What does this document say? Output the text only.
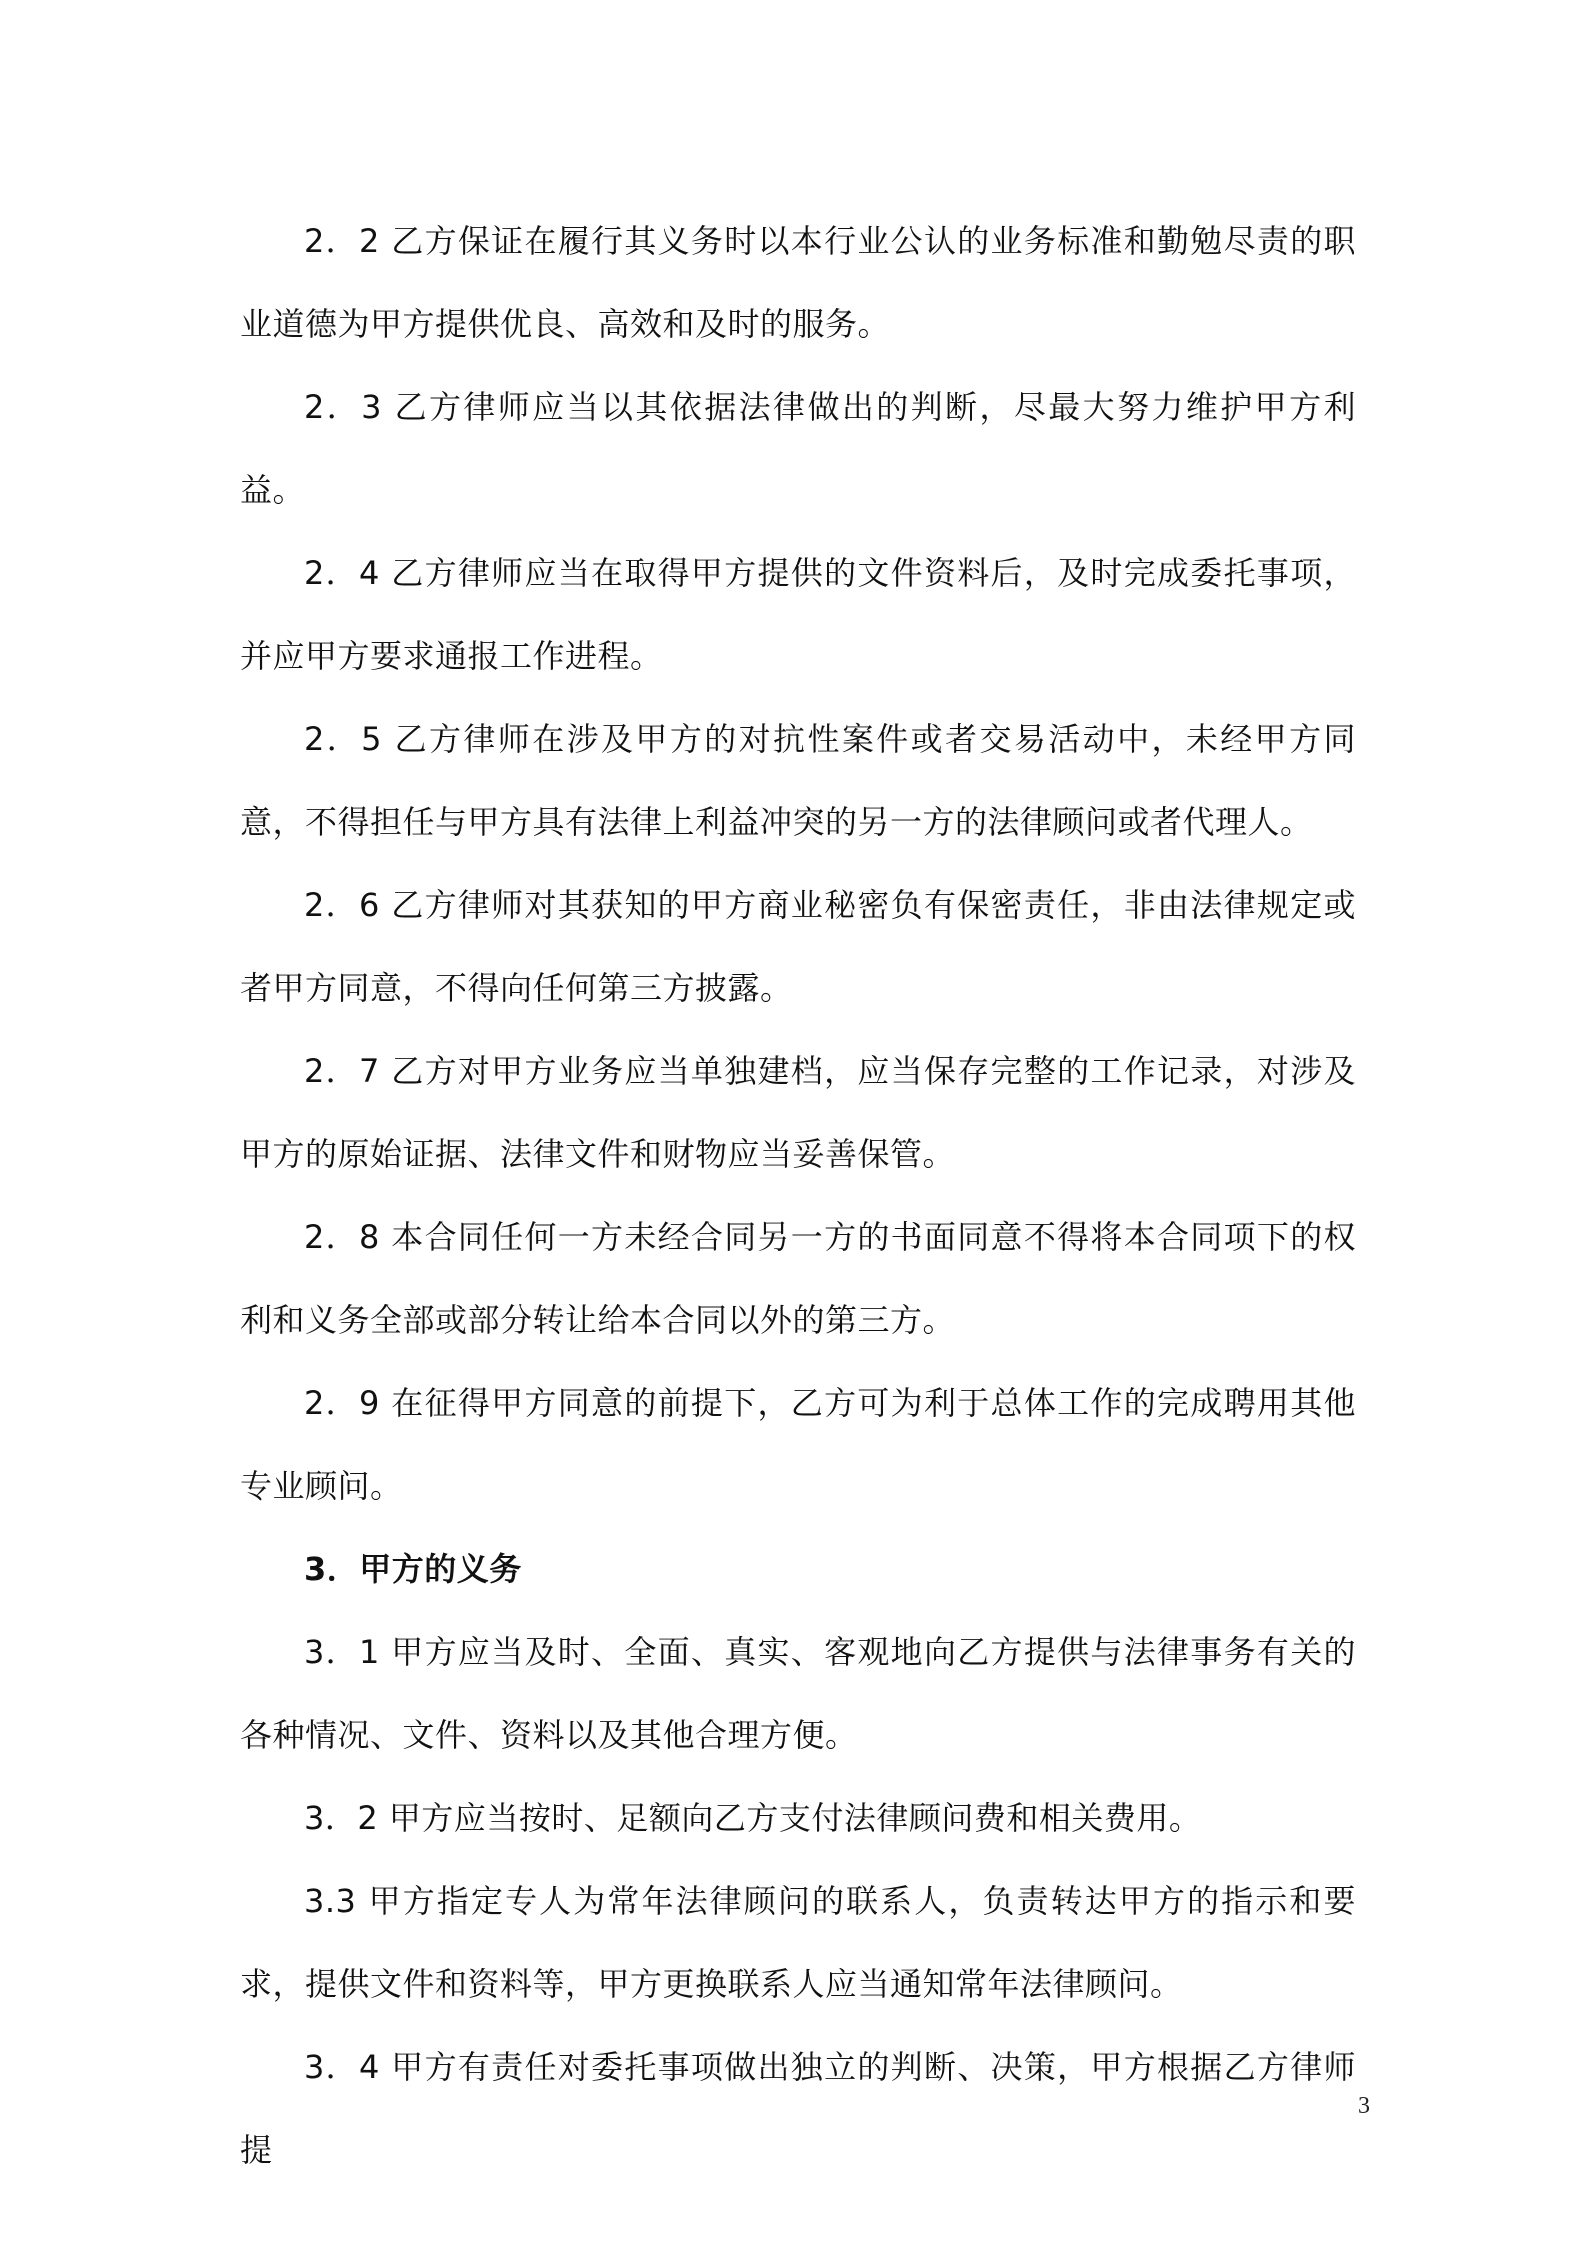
2．2 乙方保证在履行其义务时以本行业公认的业务标准和勤勉尽责的职业道德为甲方提供优良、高效和及时的服务。

2．3 乙方律师应当以其依据法律做出的判断，尽最大努力维护甲方利益。

2．4 乙方律师应当在取得甲方提供的文件资料后，及时完成委托事项，并应甲方要求通报工作进程。

2．5 乙方律师在涉及甲方的对抗性案件或者交易活动中，未经甲方同意，不得担任与甲方具有法律上利益冲突的另一方的法律顾问或者代理人。

2．6 乙方律师对其获知的甲方商业秘密负有保密责任，非由法律规定或者甲方同意，不得向任何第三方披露。

2．7 乙方对甲方业务应当单独建档，应当保存完整的工作记录，对涉及甲方的原始证据、法律文件和财物应当妥善保管。

2．8 本合同任何一方未经合同另一方的书面同意不得将本合同项下的权利和义务全部或部分转让给本合同以外的第三方。

2．9 在征得甲方同意的前提下，乙方可为利于总体工作的完成聘用其他专业顾问。

3．甲方的义务

3．1 甲方应当及时、全面、真实、客观地向乙方提供与法律事务有关的各种情况、文件、资料以及其他合理方便。

3．2 甲方应当按时、足额向乙方支付法律顾问费和相关费用。

3.3 甲方指定专人为常年法律顾问的联系人，负责转达甲方的指示和要求，提供文件和资料等，甲方更换联系人应当通知常年法律顾问。

3．4 甲方有责任对委托事项做出独立的判断、决策，甲方根据乙方律师提

3
